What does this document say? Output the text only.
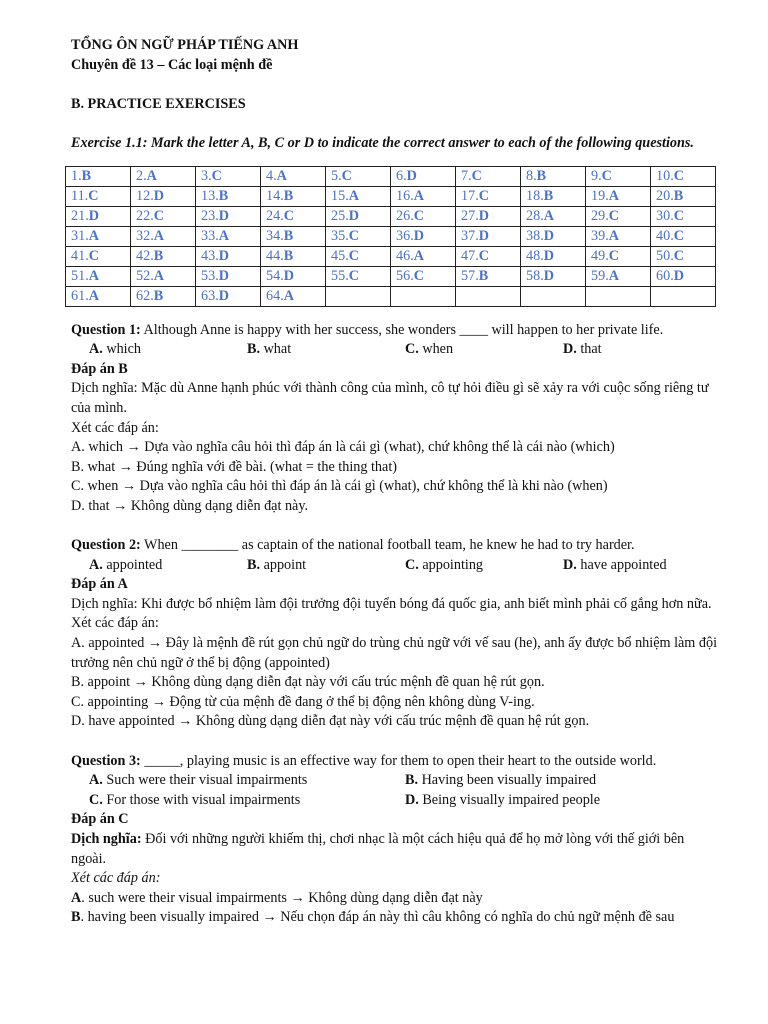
TỔNG ÔN NGỮ PHÁP TIẾNG ANH
Chuyên đề 13 – Các loại mệnh đề
B. PRACTICE EXERCISES
Exercise 1.1: Mark the letter A, B, C or D to indicate the correct answer to each of the following questions.
1.B	2.A	3.C	4.A	5.C	6.D	7.C	8.B	9.C	10.C
11.C	12.D	13.B	14.B	15.A	16.A	17.C	18.B	19.A	20.B
21.D	22.C	23.D	24.C	25.D	26.C	27.D	28.A	29.C	30.C
31.A	32.A	33.A	34.B	35.C	36.D	37.D	38.D	39.A	40.C
41.C	42.B	43.D	44.B	45.C	46.A	47.C	48.D	49.C	50.C
51.A	52.A	53.D	54.D	55.C	56.C	57.B	58.D	59.A	60.D
61.A	62.B	63.D	64.A						
Question 1: Although Anne is happy with her success, she wonders ____ will happen to her private life.
A. which	B. what	C. when	D. that
Đáp án B
Dịch nghĩa: Mặc dù Anne hạnh phúc với thành công của mình, cô tự hỏi điều gì sẽ xảy ra với cuộc sống riêng tư của mình.
Xét các đáp án:
A. which → Dựa vào nghĩa câu hỏi thì đáp án là cái gì (what), chứ không thể là cái nào (which)
B. what → Đúng nghĩa với đề bài. (what = the thing that)
C. when → Dựa vào nghĩa câu hỏi thì đáp án là cái gì (what), chứ không thể là khi nào (when)
D. that → Không dùng dạng diễn đạt này.
Question 2: When ________ as captain of the national football team, he knew he had to try harder.
A. appointed	B. appoint	C. appointing	D. have appointed
Đáp án A
Dịch nghĩa: Khi được bổ nhiệm làm đội trưởng đội tuyển bóng đá quốc gia, anh biết mình phải cố gắng hơn nữa.
Xét các đáp án:
A. appointed → Đây là mệnh đề rút gọn chủ ngữ do trùng chủ ngữ với vế sau (he), anh ấy được bổ nhiệm làm đội trưởng nên chủ ngữ ở thể bị động (appointed)
B. appoint → Không dùng dạng diễn đạt này với cấu trúc mệnh đề quan hệ rút gọn.
C. appointing → Động từ của mệnh đề đang ở thể bị động nên không dùng V-ing.
D. have appointed → Không dùng dạng diễn đạt này với cấu trúc mệnh đề quan hệ rút gọn.
Question 3: _____, playing music is an effective way for them to open their heart to the outside world.
A. Such were their visual impairments	B. Having been visually impaired
C. For those with visual impairments	D. Being visually impaired people
Đáp án C
Dịch nghĩa: Đối với những người khiếm thị, chơi nhạc là một cách hiệu quả để họ mở lòng với thế giới bên ngoài.
Xét các đáp án:
A. such were their visual impairments → Không dùng dạng diễn đạt này
B. having been visually impaired → Nếu chọn đáp án này thì câu không có nghĩa do chủ ngữ mệnh đề sau
